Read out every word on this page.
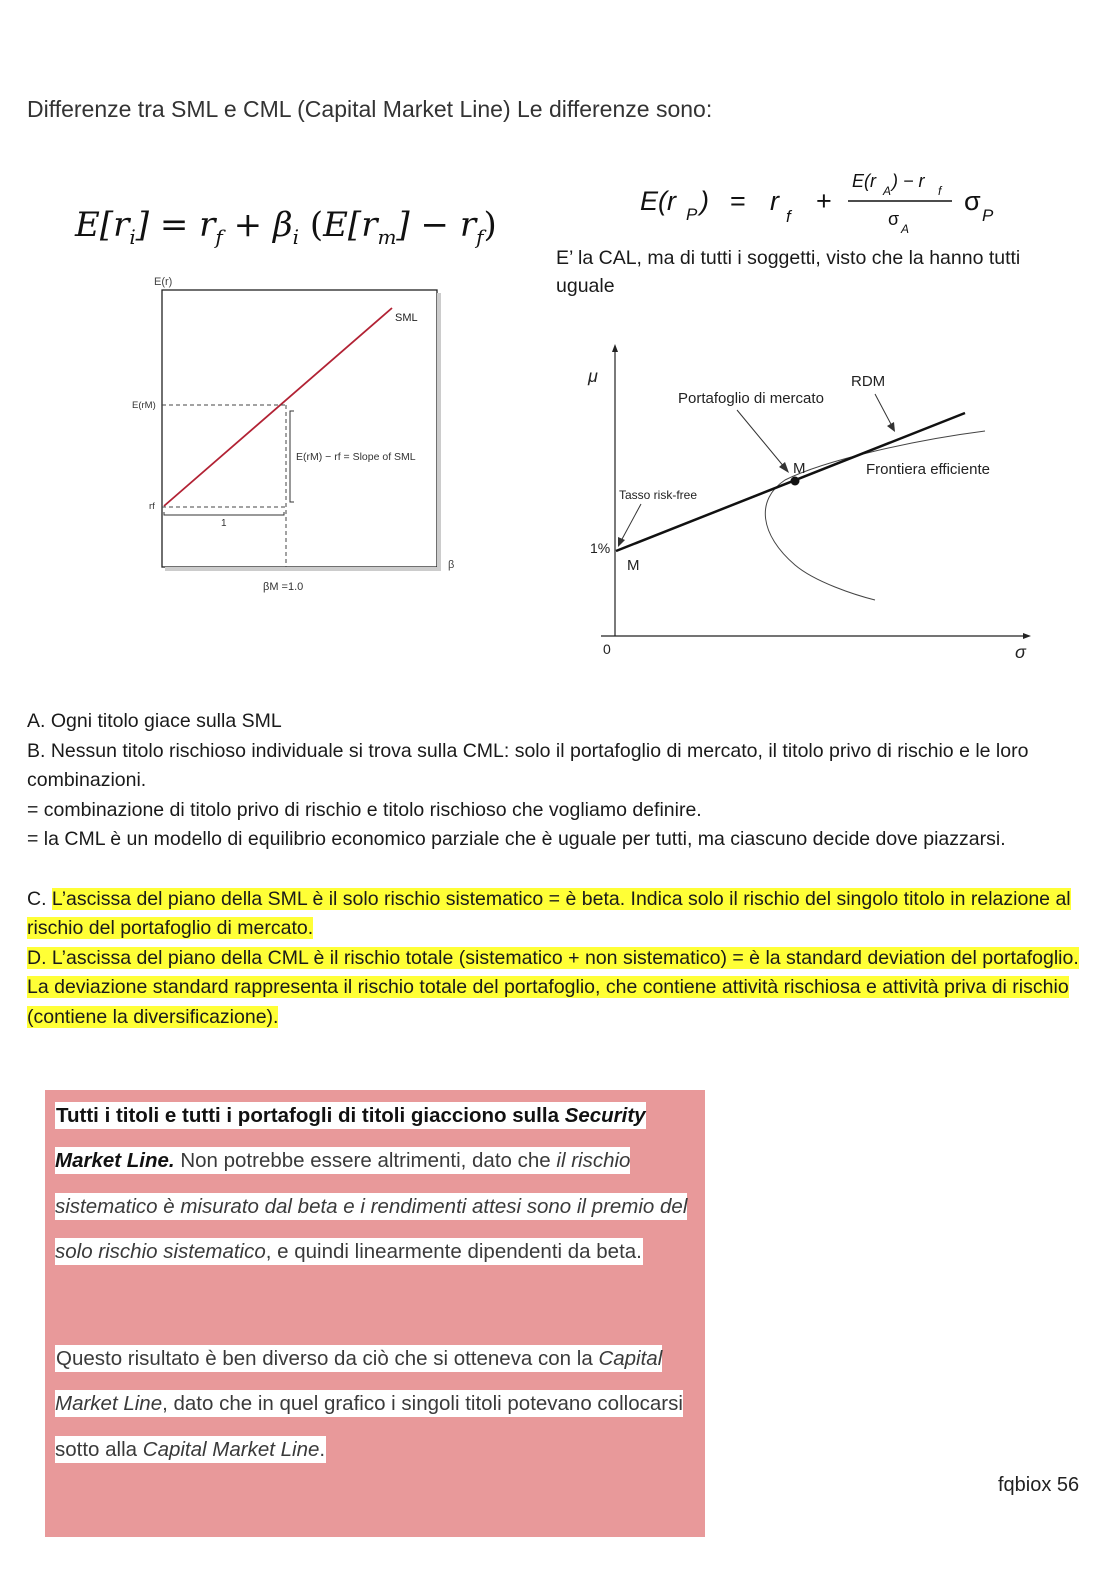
Differenze tra SML e CML (Capital Market Line) Le differenze sono:
$E[r_i] = r_f + \beta_i$ $(E[r_m] - r_f)$
E(r P ) = r
f
+
E(r A ) − r f
σ A
σ P
E’ la CAL, ma di tutti i soggetti, visto che la hanno tutti uguale
E(r)
β
SML
E(rM) − rf = Slope of SML
E(rM)
rf
1
βM =1.0
μ
σ
0
RDM
Portafoglio di mercato
M	Frontiera efficiente
Tasso risk-free
1%
M

A. Ogni titolo giace sulla SML

B. Nessun titolo rischioso individuale si trova sulla CML: solo il portafoglio di mercato, il titolo privo di rischio e le loro combinazioni.

= combinazione di titolo privo di rischio e titolo rischioso che vogliamo definire.

= la CML è un modello di equilibrio economico parziale che è uguale per tutti, ma ciascuno decide dove piazzarsi.

C. L’ascissa del piano della SML è il solo rischio sistematico = è beta. Indica solo il rischio del singolo titolo in relazione al rischio del portafoglio di mercato.

D. L’ascissa del piano della CML è il rischio totale (sistematico + non sistematico) = è la standard deviation del portafoglio. La deviazione standard rappresenta il rischio totale del portafoglio, che contiene attività rischiosa e attività priva di rischio (contiene la diversificazione).

Tutti i titoli e tutti i portafogli di titoli giacciono sulla Security Market Line. Non potrebbe essere altrimenti, dato che il rischio sistematico è misurato dal beta e i rendimenti attesi sono il premio del solo rischio sistematico, e quindi linearmente dipendenti da beta.
Questo risultato è ben diverso da ciò che si otteneva con la Capital Market Line, dato che in quel grafico i singoli titoli potevano collocarsi sotto alla Capital Market Line.
fqbiox 56
